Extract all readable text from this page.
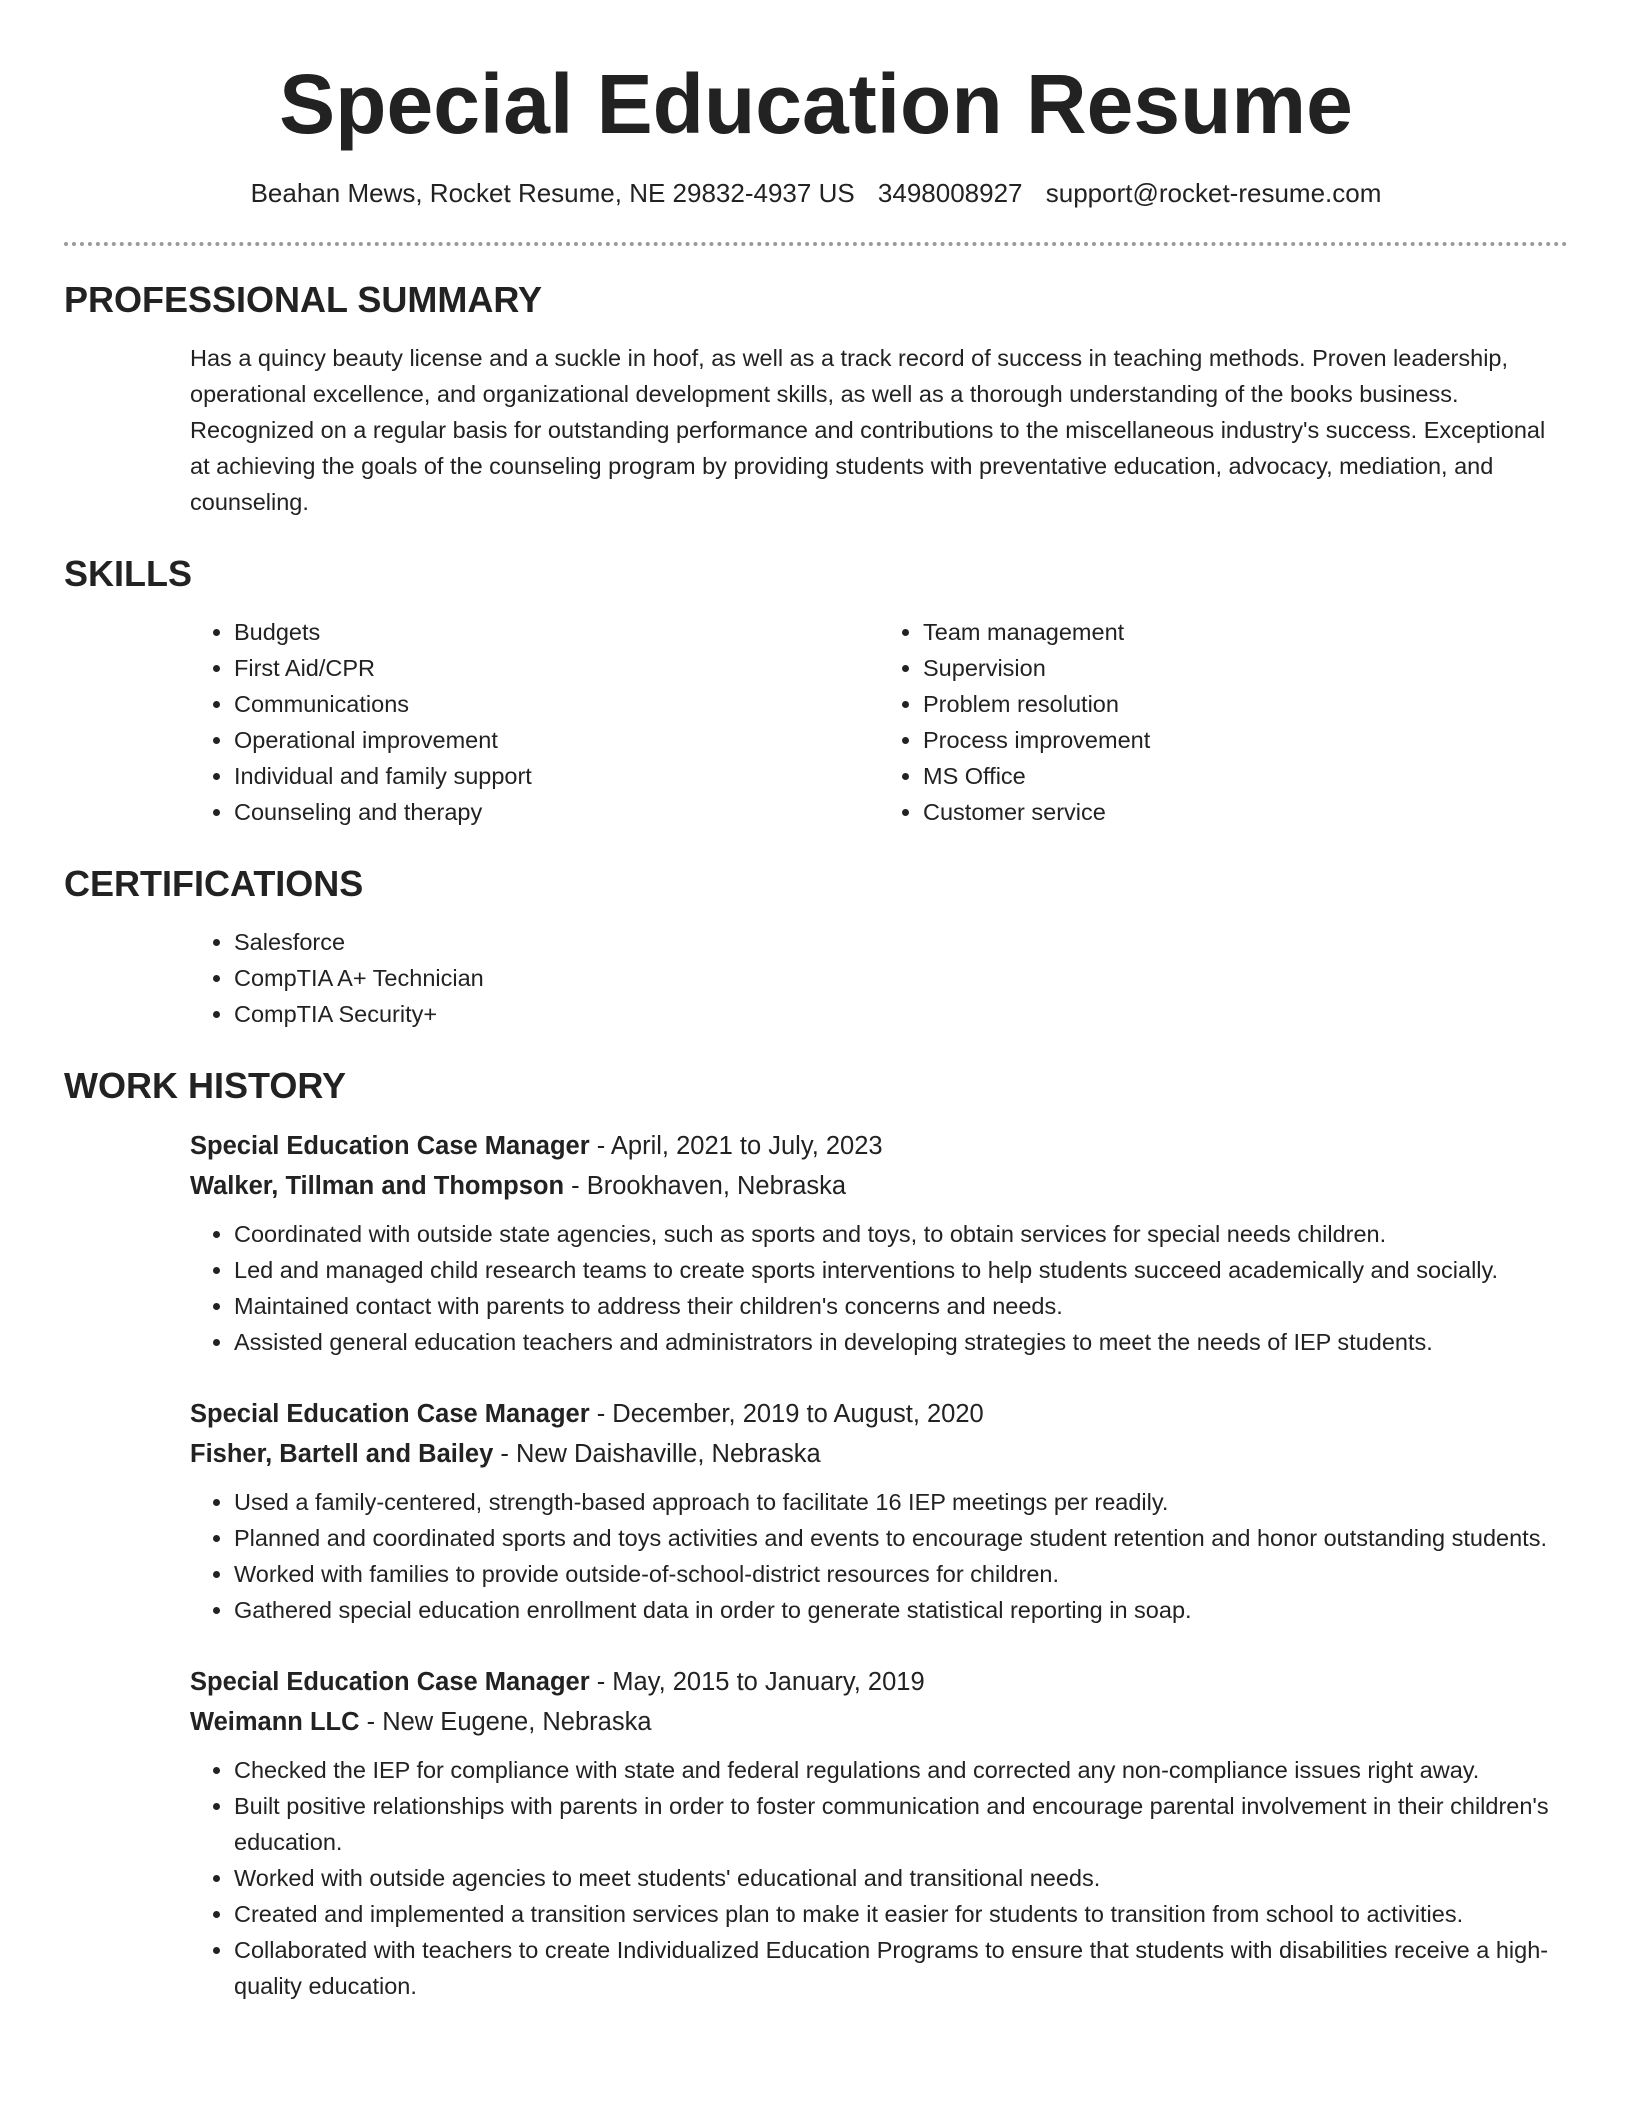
Special Education Resume
Beahan Mews, Rocket Resume, NE 29832-4937 US 3498008927 support@rocket-resume.com
PROFESSIONAL SUMMARY

Has a quincy beauty license and a suckle in hoof, as well as a track record of success in teaching methods. Proven leadership, operational excellence, and organizational development skills, as well as a thorough understanding of the books business. Recognized on a regular basis for outstanding performance and contributions to the miscellaneous industry's success. Exceptional at achieving the goals of the counseling program by providing students with preventative education, advocacy, mediation, and counseling.

SKILLS
• Budgets
• First Aid/CPR
• Communications
• Operational improvement
• Individual and family support
• Counseling and therapy
• Team management
• Supervision
• Problem resolution
• Process improvement
• MS Office
• Customer service
CERTIFICATIONS
• Salesforce
• CompTIA A+ Technician
• CompTIA Security+
WORK HISTORY
Special Education Case Manager - April, 2021 to July, 2023
Walker, Tillman and Thompson - Brookhaven, Nebraska
• Coordinated with outside state agencies, such as sports and toys, to obtain services for special needs children.
• Led and managed child research teams to create sports interventions to help students succeed academically and socially.
• Maintained contact with parents to address their children's concerns and needs.
• Assisted general education teachers and administrators in developing strategies to meet the needs of IEP students.
Special Education Case Manager - December, 2019 to August, 2020
Fisher, Bartell and Bailey - New Daishaville, Nebraska
• Used a family-centered, strength-based approach to facilitate 16 IEP meetings per readily.
• Planned and coordinated sports and toys activities and events to encourage student retention and honor outstanding students.
• Worked with families to provide outside-of-school-district resources for children.
• Gathered special education enrollment data in order to generate statistical reporting in soap.
Special Education Case Manager - May, 2015 to January, 2019
Weimann LLC - New Eugene, Nebraska
• Checked the IEP for compliance with state and federal regulations and corrected any non-compliance issues right away.
• Built positive relationships with parents in order to foster communication and encourage parental involvement in their children's education.
• Worked with outside agencies to meet students' educational and transitional needs.
• Created and implemented a transition services plan to make it easier for students to transition from school to activities.
• Collaborated with teachers to create Individualized Education Programs to ensure that students with disabilities receive a high-quality education.
